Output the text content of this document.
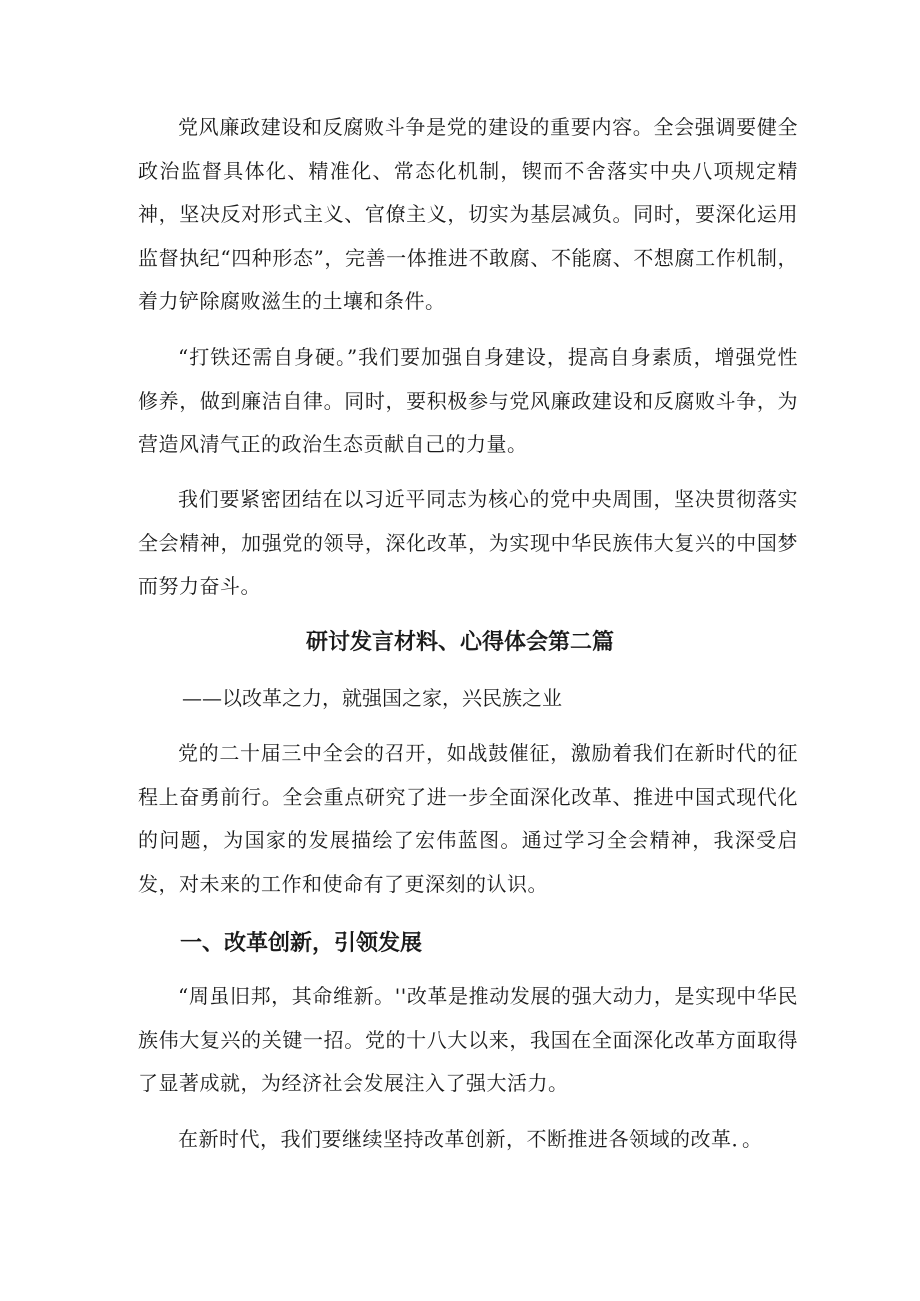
党风廉政建设和反腐败斗争是党的建设的重要内容。全会强调要健全政治监督具体化、精准化、常态化机制，锲而不舍落实中央八项规定精神，坚决反对形式主义、官僚主义，切实为基层减负。同时，要深化运用监督执纪“四种形态”，完善一体推进不敢腐、不能腐、不想腐工作机制，着力铲除腐败滋生的土壤和条件。

“打铁还需自身硬。”我们要加强自身建设，提高自身素质，增强党性修养，做到廉洁自律。同时，要积极参与党风廉政建设和反腐败斗争，为营造风清气正的政治生态贡献自己的力量。

我们要紧密团结在以习近平同志为核心的党中央周围，坚决贯彻落实全会精神，加强党的领导，深化改革，为实现中华民族伟大复兴的中国梦而努力奋斗。

研讨发言材料、心得体会第二篇

——以改革之力，就强国之家，兴民族之业

党的二十届三中全会的召开，如战鼓催征，激励着我们在新时代的征程上奋勇前行。全会重点研究了进一步全面深化改革、推进中国式现代化的问题，为国家的发展描绘了宏伟蓝图。通过学习全会精神，我深受启发，对未来的工作和使命有了更深刻的认识。

一、改革创新，引领发展

“周虽旧邦，其命维新。''改革是推动发展的强大动力，是实现中华民族伟大复兴的关键一招。党的十八大以来，我国在全面深化改革方面取得了显著成就，为经济社会发展注入了强大活力。

在新时代，我们要继续坚持改革创新，不断推进各领域的改革．。
